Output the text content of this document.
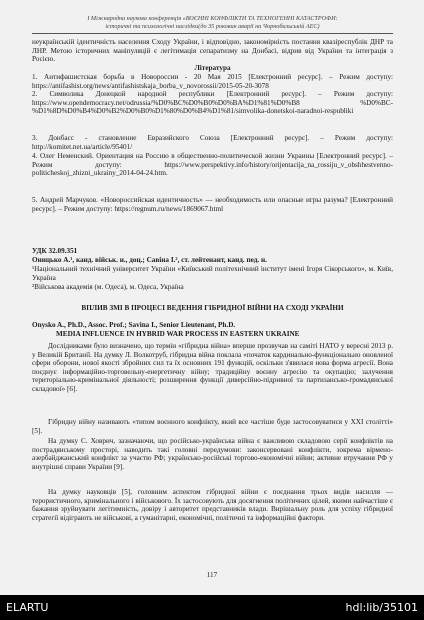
І Міжнародна наукова конференція «ВОЄННІ КОНФЛІКТИ ТА ТЕХНОГЕННІ КАТАСТРОФИ:
історичні та психологічні наслідки(до 35 роковин аварії на Чорнобильській АЕС)
неукраїнській ідентичність населення Сходу України, і відповідно, закономірність постання квазіреспублік ДНР та ЛНР. Метою історичних маніпуляцій є легітимація сепаратизму на Донбасі, відрив від України та інтеграція з Росією.
Література
1. Антифашистская борьба в Новороссии - 20 Мая 2015 [Електронний ресурс]. – Режим доступу: https://antifashist.org/news/antifashistskaja_borba_v_novorossii/2015-05-20-3078
2. Символика Донецкой народной республики [Електронний ресурс]. – Режим доступу: https://www.opendemocracy.net/odrussia/%D0%BC%D0%B0%D0%BA%D1%81%D0%B8 %D0%BC-%D1%8D%D0%B4%D0%B2%D0%B0%D1%80%D0%B4%D1%81/simvolika-donetskoi-naradnoi-respubliki
3. Донбасс - становление Евразийского Союза [Електронний ресурс]. – Режим доступу: http://komitet.net.ua/article/95401/
4. Олег Неменский. Ориентация на Россию в общественно-политической жизни Украины [Електронний ресурс]. – Режим доступу: https://www.perspektivy.info/history/orijentacija_na_rossiju_v_obshhestvenno-politicheskoj_zhizni_ukrainy_2014-04-24.htm.
5. Андрей Марчуков. «Новороссийская идентичность» — необходимость или опасные игры разума? [Електронний ресурс]. – Режим доступу: https://regnum.ru/news/1869067.html
УДК 32.09.351
Оницько А.¹, канд. військ. н., доц.; Савіна І.², ст. лейтенант, канд. пед. н.
¹Національний технічний університет України «Київський політехнічний інститут імені Ігоря Сікорського», м. Київ, Україна
²Військова академія (м. Одеса), м. Одеса, Україна
ВПЛИВ ЗМІ В ПРОЦЕСІ ВЕДЕННЯ ГІБРИДНОЇ ВІЙНИ НА СХОДІ УКРАЇНИ
Onysko A., Ph.D., Assoc. Prof.; Savina I., Senior Lieutenant, Ph.D.
MEDIA INFLUENCE IN HYBRID WAR PROCESS IN EASTERN UKRAINE
Дослідниками було визначено, що термін «гібридна війна» вперше прозвучав на саміті НАТО у вересні 2013 р. у Великій Британії. На думку Л. Волкотруб, гібридна війна поклала «початок кардинально-функціонально оновленої сфери оборони, нової якості збройних сил та їх основних 191 функцій, оскільки з'явилася нова форма агресії. Вона поєднує інформаційно-торговельну-енергетичну війну; традиційну воєнну агресію та окупацію; залучення територіально-кримінальної діяльності; розширення функції диверсійно-підривної та партизансько-громадянської складової» [6].
Гібридну війну називають «типом воєнного конфлікту, який все частіше буде застосовуватися у ХХІ століттi» [5].
На думку С. Ховрич, зазначаючи, що російсько-українська війна є важливою складовою серії конфліктів на пострадянському просторі, наводить такі головні передумови: законсервовані конфлікти, зокрема вірмено-азербайджанський конфлікт за участю РФ; українсько-російські торгово-економічні війни; активне втручання РФ у внутрішні справи України [9].
На думку науковців [5], головним аспектом гібридної війни є поєднання трьох видів насилля — терористичного, кримінального і військового. Їх застосовують для досягнення політичних цілей, якими найчастіше є бажання зруйнувати легітимність, довіру і авторитет представників влади. Вирішальну роль для успіху гібридної стратегії відіграють не військові, а гуманітарні, економічні, політичні та інформаційні фактори.
117
ELARTU	hdl:lib/35101
